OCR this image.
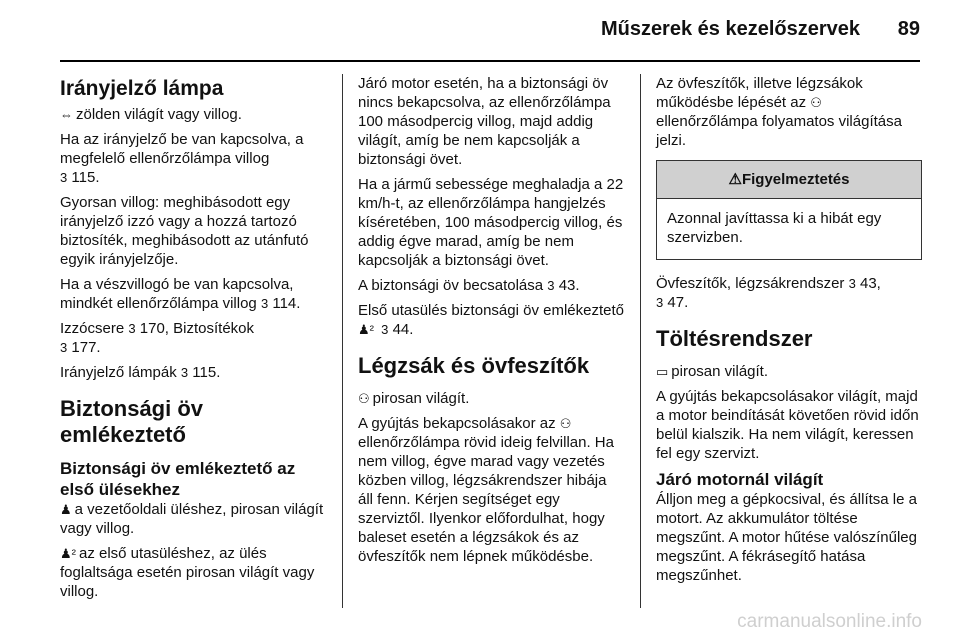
Műszerek és kezelőszervek 89
Irányjelző lámpa

⇔ zölden világít vagy villog.

Ha az irányjelző be van kapcsolva, a megfelelő ellenőrzőlámpa villog
3 115.

Gyorsan villog: meghibásodott egy irányjelző izzó vagy a hozzá tartozó biztosíték, meghibásodott az utánfutó egyik irányjelzője.

Ha a vészvillogó be van kapcsolva, mindkét ellenőrzőlámpa villog 3 114.

Izzócsere 3 170, Biztosítékok
3 177.

Irányjelző lámpák 3 115.

Biztonsági öv emlékeztető
Biztonsági öv emlékeztető az első ülésekhez

♟ a vezetőoldali üléshez, pirosan világít vagy villog.

♟² az első utasüléshez, az ülés foglaltsága esetén pirosan világít vagy villog.

Járó motor esetén, ha a biztonsági öv nincs bekapcsolva, az ellenőrzőlámpa 100 másodpercig villog, majd addig világít, amíg be nem kapcsolják a biztonsági övet.

Ha a jármű sebessége meghaladja a 22 km/h-t, az ellenőrzőlámpa hangjelzés kíséretében, 100 másodpercig villog, és addig égve marad, amíg be nem kapcsolják a biztonsági övet.

A biztonsági öv becsatolása 3 43.

Első utasülés biztonsági öv emlékeztető ♟² 3 44.

Légzsák és övfeszítők

⚇ pirosan világít.

A gyújtás bekapcsolásakor az ⚇ ellenőrzőlámpa rövid ideig felvillan. Ha nem villog, égve marad vagy vezetés közben villog, légzsákrendszer hibája áll fenn. Kérjen segítséget egy szerviztől. Ilyenkor előfordulhat, hogy baleset esetén a légzsákok és az övfeszítők nem lépnek működésbe.

Az övfeszítők, illetve légzsákok működésbe lépését az ⚇
ellenőrzőlámpa folyamatos világítása jelzi.

⚠Figyelmeztetés
Azonnal javíttassa ki a hibát egy szervizben.

Övfeszítők, légzsákrendszer 3 43,
3 47.

Töltésrendszer

▭ pirosan világít.

A gyújtás bekapcsolásakor világít, majd a motor beindítását követően rövid időn belül kialszik. Ha nem világít, keressen fel egy szervizt.

Járó motornál világít

Álljon meg a gépkocsival, és állítsa le a motort. Az akkumulátor töltése megszűnt. A motor hűtése valószínűleg megszűnt. A fékrásegítő hatása megszűnhet.

carmanualsonline.info
